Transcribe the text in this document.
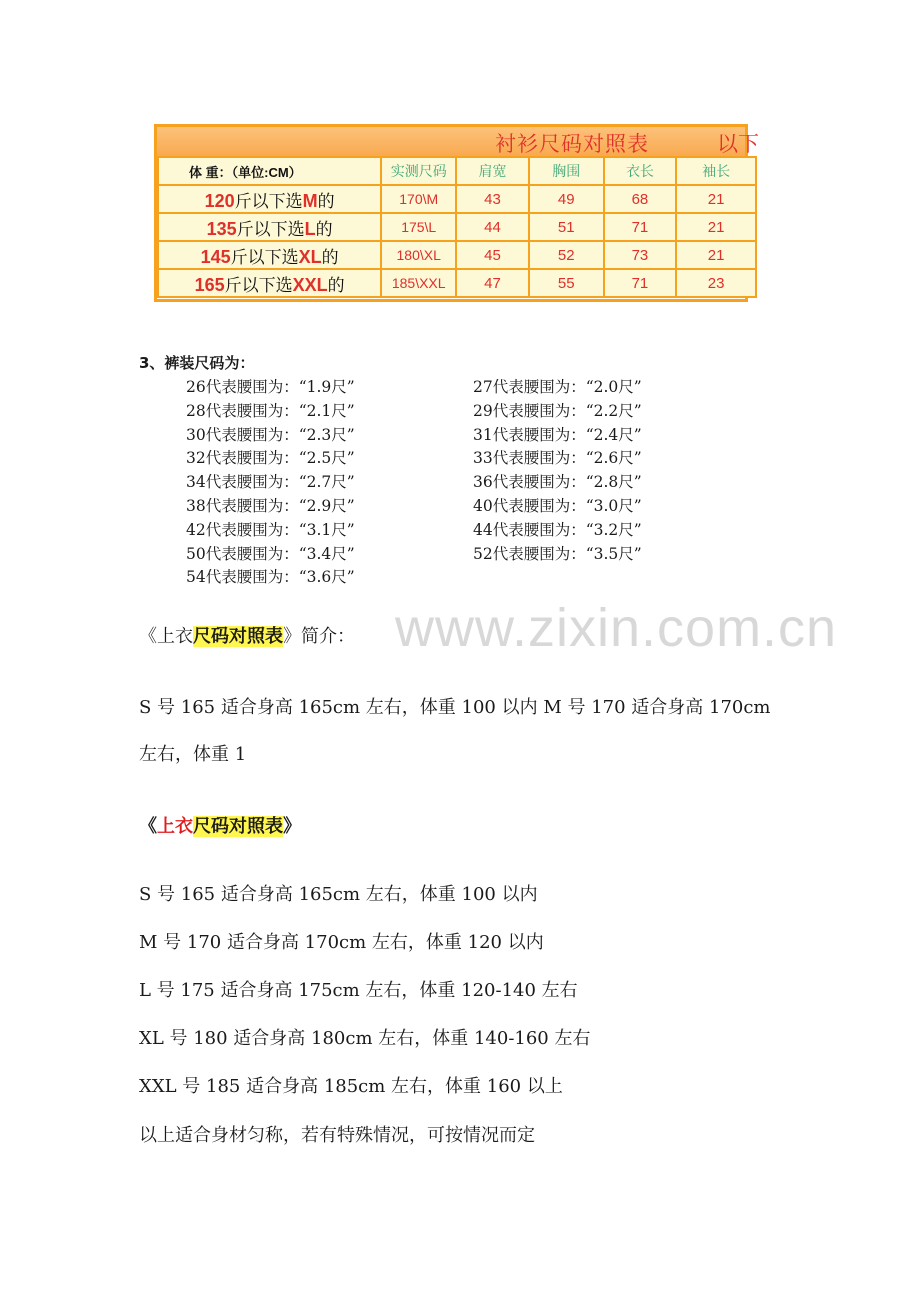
www.zixin.com.cn
衬衫尺码对照表	以下
体 重：（单位:CM）	实测尺码	肩宽	胸围	衣长	袖长
120斤以下选M的	170\M	43	49	68	21
135斤以下选L的	175\L	44	51	71	21
145斤以下选XL的	180\XL	45	52	73	21
165斤以下选XXL的	185\XXL	47	55	71	23
3、裤装尺码为：
26代表腰围为：“1.9尺”	27代表腰围为：“2.0尺”
28代表腰围为：“2.1尺”	29代表腰围为：“2.2尺”
30代表腰围为：“2.3尺”	31代表腰围为：“2.4尺”
32代表腰围为：“2.5尺”	33代表腰围为：“2.6尺”
34代表腰围为：“2.7尺”	36代表腰围为：“2.8尺”
38代表腰围为：“2.9尺”	40代表腰围为：“3.0尺”
42代表腰围为：“3.1尺”	44代表腰围为：“3.2尺”
50代表腰围为：“3.4尺”	52代表腰围为：“3.5尺”
54代表腰围为：“3.6尺”
《上衣尺码对照表》简介：
S 号 165 适合身高 165cm 左右，体重 100 以内 M 号 170 适合身高 170cm
左右，体重 1
《上衣尺码对照表》
S 号 165 适合身高 165cm 左右，体重 100 以内
M 号 170 适合身高 170cm 左右，体重 120 以内
L 号 175 适合身高 175cm 左右，体重 120-140 左右
XL 号 180 适合身高 180cm 左右，体重 140-160 左右
XXL 号 185 适合身高 185cm 左右，体重 160 以上
以上适合身材匀称，若有特殊情况，可按情况而定
